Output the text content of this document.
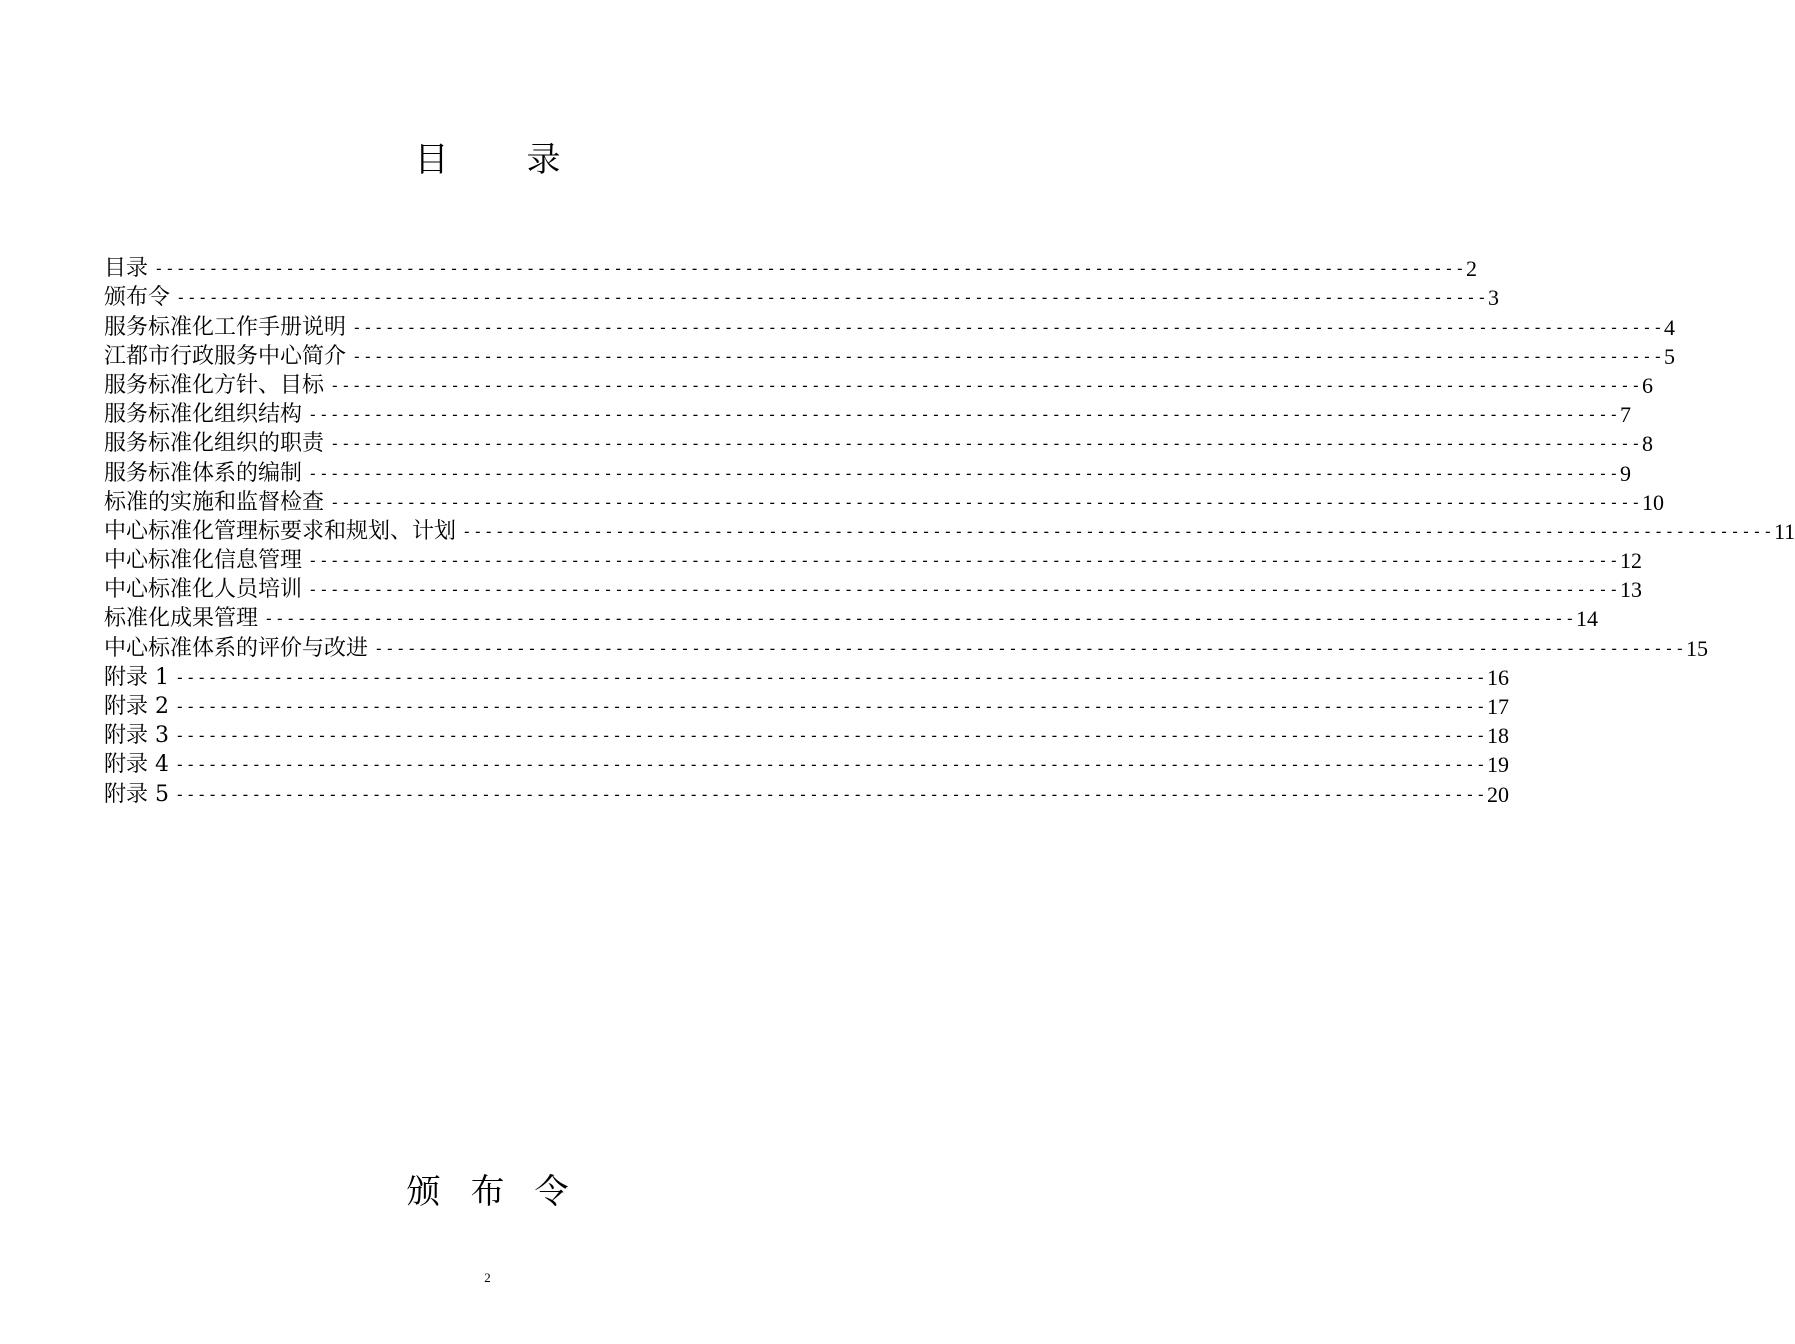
目 录
目录 ------------------------------------------------------------------------------------------------------------------------ 2
颁布令 ------------------------------------------------------------------------------------------------------------------------ 3
服务标准化工作手册说明 ------------------------------------------------------------------------------------------------------------------------ 4
江都市行政服务中心简介 ------------------------------------------------------------------------------------------------------------------------ 5
服务标准化方针、目标 ------------------------------------------------------------------------------------------------------------------------ 6
服务标准化组织结构 ------------------------------------------------------------------------------------------------------------------------ 7
服务标准化组织的职责 ------------------------------------------------------------------------------------------------------------------------ 8
服务标准体系的编制 ------------------------------------------------------------------------------------------------------------------------ 9
标准的实施和监督检查 ------------------------------------------------------------------------------------------------------------------------ 10
中心标准化管理标要求和规划、计划 ------------------------------------------------------------------------------------------------------------------------ 11
中心标准化信息管理 ------------------------------------------------------------------------------------------------------------------------ 12
中心标准化人员培训 ------------------------------------------------------------------------------------------------------------------------ 13
标准化成果管理 ------------------------------------------------------------------------------------------------------------------------ 14
中心标准体系的评价与改进 ------------------------------------------------------------------------------------------------------------------------ 15
附录 1 ------------------------------------------------------------------------------------------------------------------------ 16
附录 2 ------------------------------------------------------------------------------------------------------------------------ 17
附录 3 ------------------------------------------------------------------------------------------------------------------------ 18
附录 4 ------------------------------------------------------------------------------------------------------------------------ 19
附录 5 ------------------------------------------------------------------------------------------------------------------------ 20
颁 布 令
2
